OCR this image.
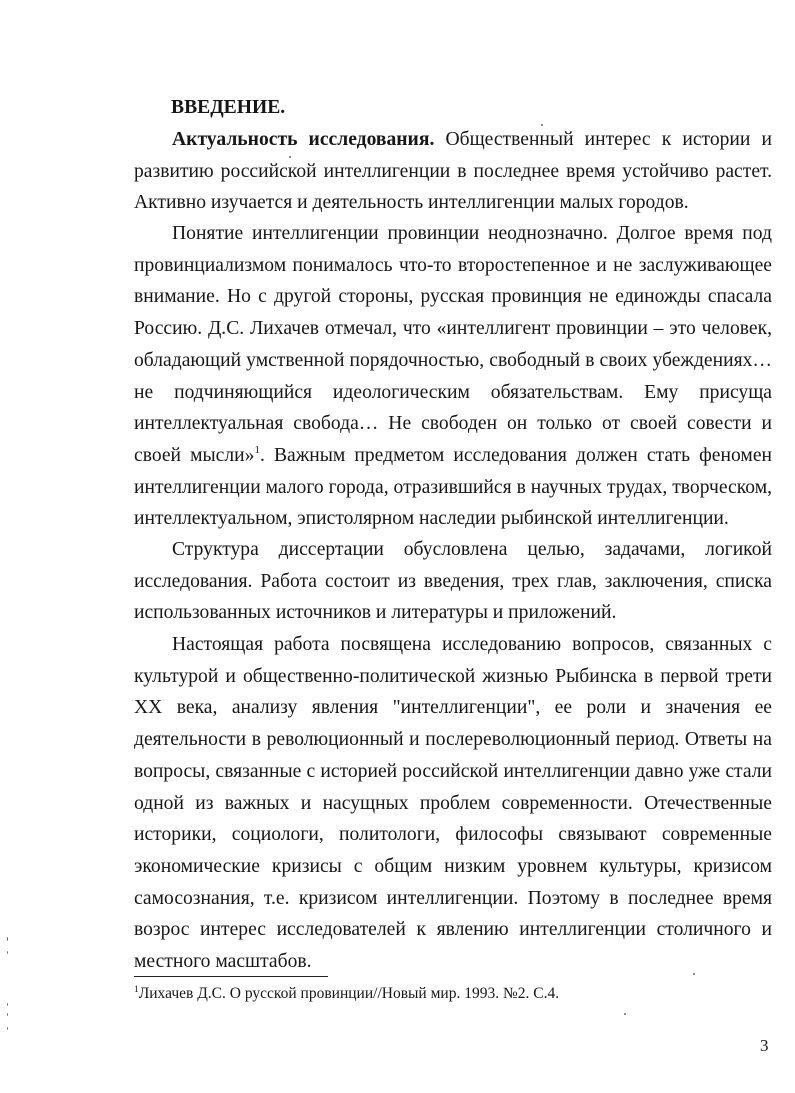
ВВЕДЕНИЕ.

Актуальность исследования. Общественный интерес к истории и развитию российской интеллигенции в последнее время устойчиво растет. Активно изучается и деятельность интеллигенции малых городов.

Понятие интеллигенции провинции неоднозначно. Долгое время под провинциализмом понималось что-то второстепенное и не заслуживающее внимание. Но с другой стороны, русская провинция не единожды спасала Россию. Д.С. Лихачев отмечал, что «интеллигент провинции – это человек, обладающий умственной порядочностью, свободный в своих убеждениях… не подчиняющийся идеологическим обязательствам. Ему присуща интеллектуальная свобода… Не свободен он только от своей совести и своей мысли»$^1$. Важным предметом исследования должен стать феномен интеллигенции малого города, отразившийся в научных трудах, творческом, интеллектуальном, эпистолярном наследии рыбинской интеллигенции.

Структура диссертации обусловлена целью, задачами, логикой исследования. Работа состоит из введения, трех глав, заключения, списка использованных источников и литературы и приложений.

Настоящая работа посвящена исследованию вопросов, связанных с культурой и общественно-политической жизнью Рыбинска в первой трети XX века, анализу явления "интеллигенции", ее роли и значения ее деятельности в революционный и послереволюционный период. Ответы на вопросы, связанные с историей российской интеллигенции давно уже стали одной из важных и насущных проблем современности. Отечественные историки, социологи, политологи, философы связывают современные экономические кризисы с общим низким уровнем культуры, кризисом самосознания, т.е. кризисом интеллигенции. Поэтому в последнее время возрос интерес исследователей к явлению интеллигенции столичного и местного масштабов.

$^1$Лихачев Д.С. О русской провинции//Новый мир. 1993. №2. С.4.
3
